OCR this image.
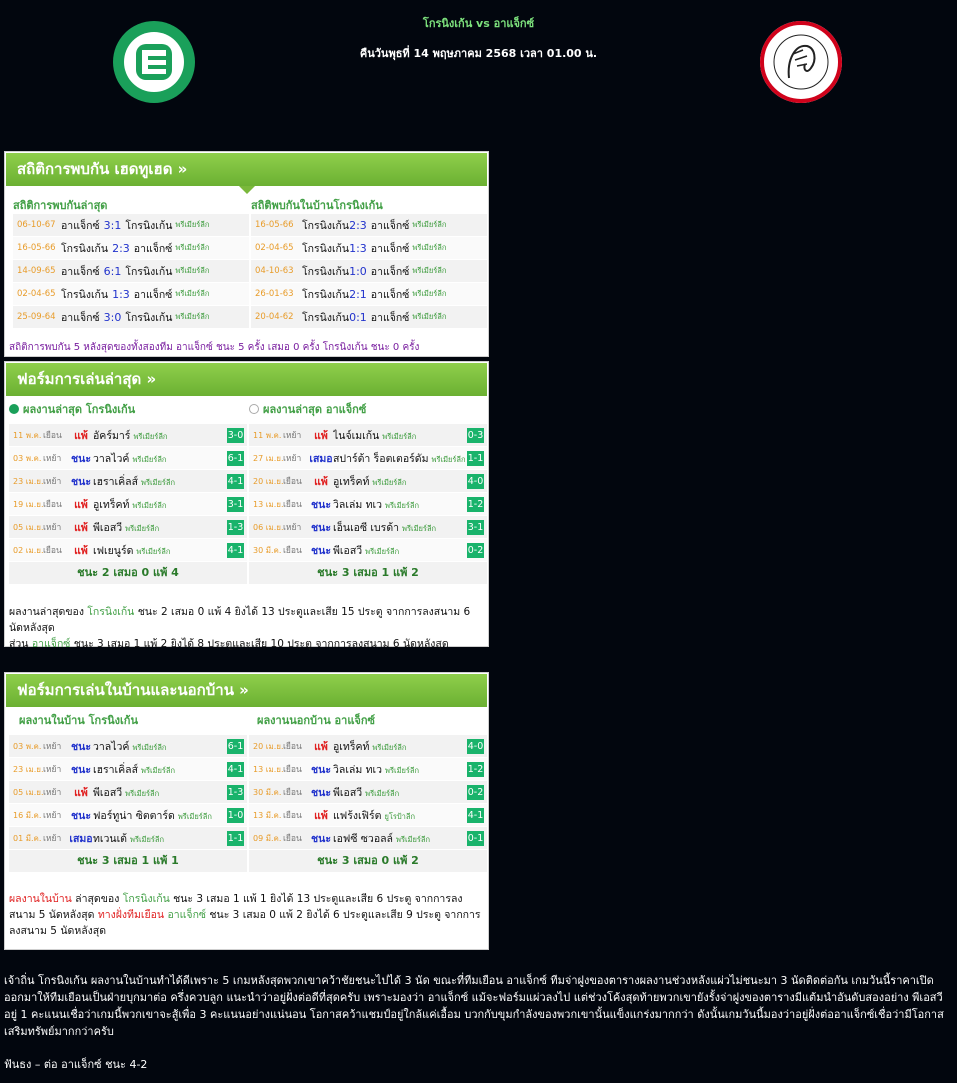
โกรนิงเก้น vs อาแจ็กซ์
คืนวันพุธที่ 14 พฤษภาคม 2568 เวลา 01.00 น.
สถิติการพบกัน เฮดทูเฮด »
สถิติการพบกันล่าสุด
06-10-67 อาแจ็กซ์ 3:1 โกรนิงเก้น พรีเมียร์ลีก
16-05-66 โกรนิงเก้น 2:3 อาแจ็กซ์ พรีเมียร์ลีก
14-09-65 อาแจ็กซ์ 6:1 โกรนิงเก้น พรีเมียร์ลีก
02-04-65 โกรนิงเก้น 1:3 อาแจ็กซ์ พรีเมียร์ลีก
25-09-64 อาแจ็กซ์ 3:0 โกรนิงเก้น พรีเมียร์ลีก
สถิติพบกันในบ้านโกรนิงเก้น
16-05-66 โกรนิงเก้น 2:3 อาแจ็กซ์ พรีเมียร์ลีก
02-04-65 โกรนิงเก้น 1:3 อาแจ็กซ์ พรีเมียร์ลีก
04-10-63 โกรนิงเก้น 1:0 อาแจ็กซ์ พรีเมียร์ลีก
26-01-63 โกรนิงเก้น 2:1 อาแจ็กซ์ พรีเมียร์ลีก
20-04-62 โกรนิงเก้น 0:1 อาแจ็กซ์ พรีเมียร์ลีก
สถิติการพบกัน 5 หลังสุดของทั้งสองทีม อาแจ็กซ์ ชนะ 5 ครั้ง เสมอ 0 ครั้ง โกรนิงเก้น ชนะ 0 ครั้ง
ฟอร์มการเล่นล่าสุด »
ผลงานล่าสุด โกรนิงเก้น
11 พ.ค. เยือน	แพ้ อัคร์มาร์ พรีเมียร์ลีก	3-0
03 พ.ค. เหย้า ชนะ วาลไวค์ พรีเมียร์ลีก	6-1
23 เม.ย. เหย้า ชนะ เฮราเคิ่ลส์ พรีเมียร์ลีก	4-1
19 เม.ย. เยือน	แพ้ อูเทร็คท์ พรีเมียร์ลีก	3-1
05 เม.ย. เหย้า	แพ้ พีเอสวี พรีเมียร์ลีก	1-3
02 เม.ย. เยือน	แพ้ เฟเยนูร์ด พรีเมียร์ลีก	4-1
ชนะ 2 เสมอ 0 แพ้ 4
ผลงานล่าสุด อาแจ็กซ์
11 พ.ค. เหย้า	แพ้ ไนจ์เมเก้น พรีเมียร์ลีก	0-3
27 เม.ย. เหย้า เสมอ สปาร์ต้า ร็อตเตอร์ดัม พรีเมียร์ลีก 1-1
20 เม.ย. เยือน	แพ้ อูเทร็คท์ พรีเมียร์ลีก	4-0
13 เม.ย. เยือน ชนะ วิลเล่ม ทเว พรีเมียร์ลีก	1-2
06 เม.ย. เหย้า ชนะ เอ็นเอซี เบรด้า พรีเมียร์ลีก	3-1
30 มี.ค. เยือน ชนะ พีเอสวี พรีเมียร์ลีก	0-2
ชนะ 3 เสมอ 1 แพ้ 2
ผลงานล่าสุดของ โกรนิงเก้น ชนะ 2 เสมอ 0 แพ้ 4 ยิงได้ 13 ประตูและเสีย 15 ประตู จากการลงสนาม 6 นัดหลังสุด
ส่วน อาแจ็กซ์ ชนะ 3 เสมอ 1 แพ้ 2 ยิงได้ 8 ประตูและเสีย 10 ประตู จากการลงสนาม 6 นัดหลังสุด
ฟอร์มการเล่นในบ้านและนอกบ้าน »
ผลงานในบ้าน โกรนิงเก้น
03 พ.ค. เหย้า ชนะ วาลไวค์ พรีเมียร์ลีก	6-1
23 เม.ย. เหย้า ชนะ เฮราเคิ่ลส์ พรีเมียร์ลีก	4-1
05 เม.ย. เหย้า	แพ้ พีเอสวี พรีเมียร์ลีก	1-3
16 มี.ค. เหย้า ชนะ ฟอร์ทูน่า ซิตตาร์ด พรีเมียร์ลีก	1-0
01 มี.ค. เหย้า เสมอ ทเวนเต้ พรีเมียร์ลีก	1-1
ชนะ 3 เสมอ 1 แพ้ 1
ผลงานนอกบ้าน อาแจ็กซ์
20 เม.ย. เยือน	แพ้ อูเทร็คท์ พรีเมียร์ลีก	4-0
13 เม.ย. เยือน ชนะ วิลเล่ม ทเว พรีเมียร์ลีก	1-2
30 มี.ค. เยือน ชนะ พีเอสวี พรีเมียร์ลีก	0-2
13 มี.ค. เยือน	แพ้ แฟร้งเฟิร์ต ยูโรป้าลีก	4-1
09 มี.ค. เยือน ชนะ เอฟซี ซวอลล์ พรีเมียร์ลีก	0-1
ชนะ 3 เสมอ 0 แพ้ 2
ผลงานในบ้าน ล่าสุดของ โกรนิงเก้น ชนะ 3 เสมอ 1 แพ้ 1 ยิงได้ 13 ประตูและเสีย 6 ประตู จากการลงสนาม 5 นัดหลังสุด ทางฝั่งทีมเยือน อาแจ็กซ์ ชนะ 3 เสมอ 0 แพ้ 2 ยิงได้ 6 ประตูและเสีย 9 ประตู จากการลงสนาม 5 นัดหลังสุด
เจ้าถิ่น โกรนิงเก้น ผลงานในบ้านทำได้ดีเพราะ 5 เกมหลังสุดพวกเขาคว้าชัยชนะไปได้ 3 นัด ขณะที่ทีมเยือน อาแจ็กซ์ ทีมจ่าฝูงของตารางผลงานช่วงหลังแผ่วไม่ชนะมา 3 นัดติดต่อกัน เกมวันนี้ราคาเปิดออกมาให้ทีมเยือนเป็นฝ่ายบุกมาต่อ ครึ่งควบลูก แนะนำว่าอยู่ฝั่งต่อดีที่สุดครับ เพราะมองว่า อาแจ็กซ์ แม้จะฟอร์มแผ่วลงไป แต่ช่วงโค้งสุดท้ายพวกเขายังรั้งจ่าฝูงของตารางมีแต้มนำอันดับสองอย่าง พีเอสวี อยู่ 1 คะแนนเชื่อว่าเกมนี้พวกเขาจะสู้เพื่อ 3 คะแนนอย่างแน่นอน โอกาสคว้าแชมป์อยู่ใกล้แค่เอื้อม บวกกับขุมกำลังของพวกเขานั้นแข็งแกร่งมากกว่า ดังนั้นเกมวันนี้มองว่าอยู่ฝั่งต่ออาแจ็กซ์เชื่อว่ามีโอกาสเสริมทรัพย์มากกว่าครับ
ฟันธง – ต่อ อาแจ็กซ์ ชนะ 4-2
